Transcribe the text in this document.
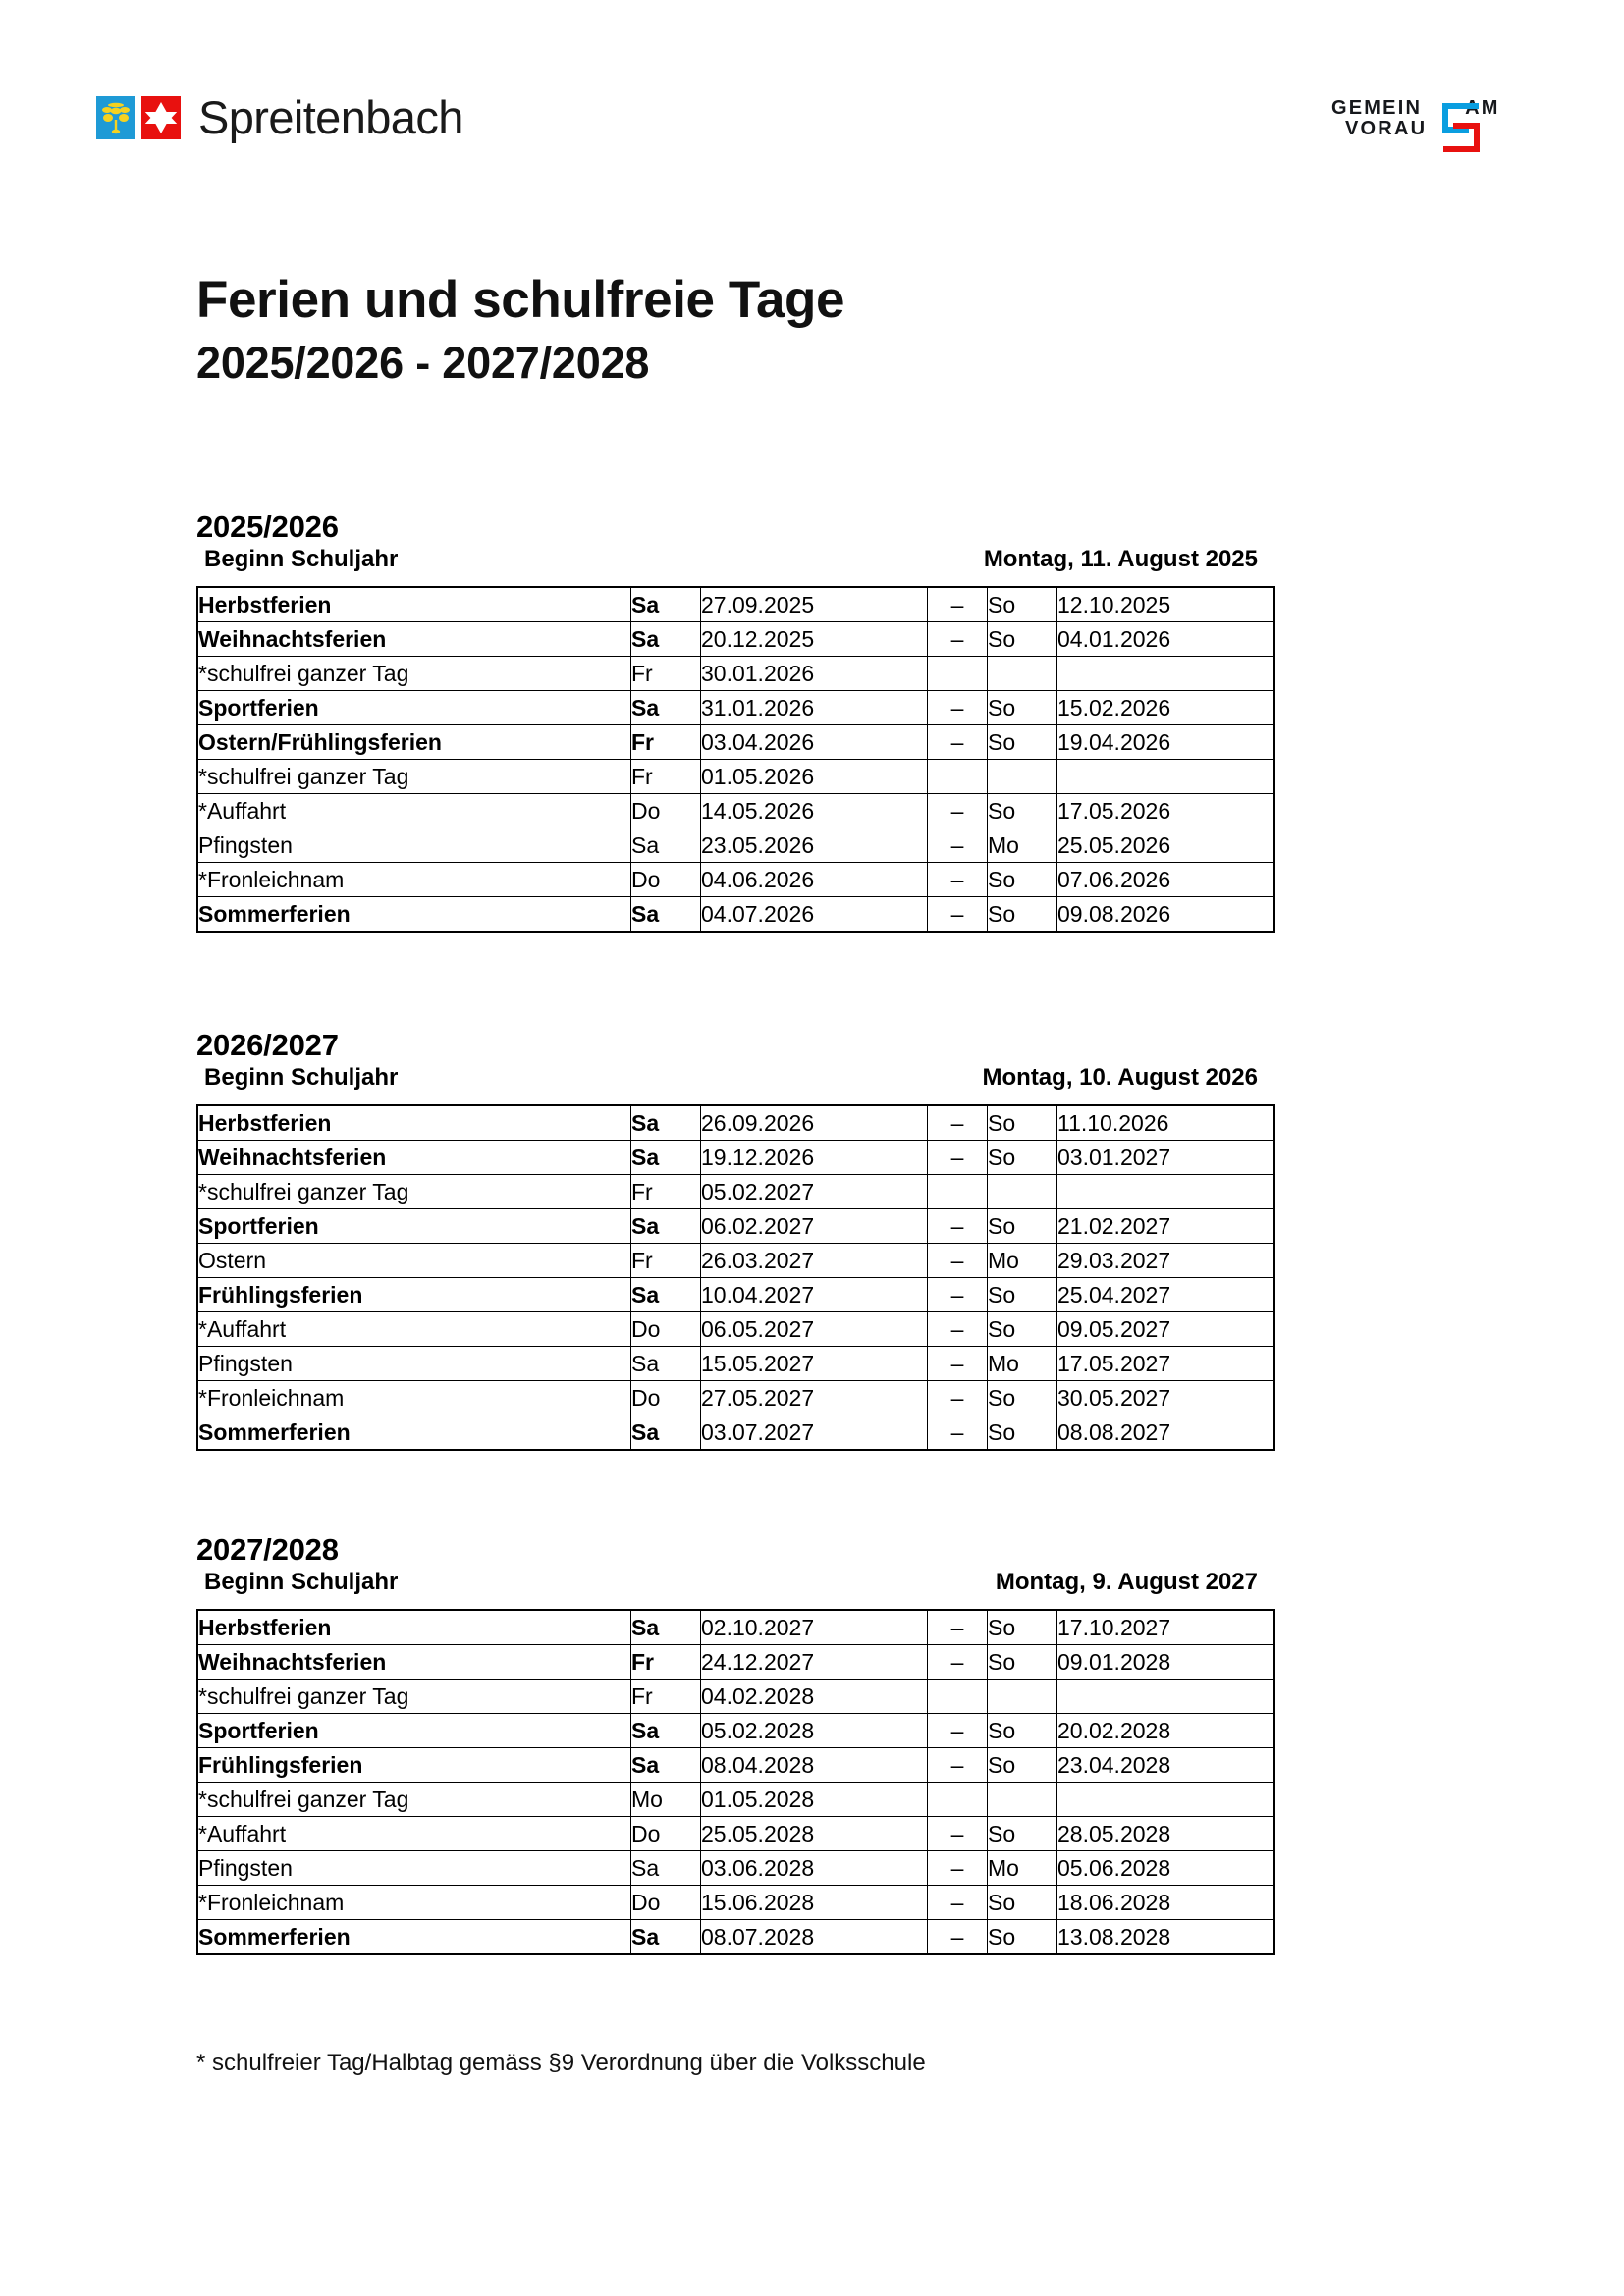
Spreitenbach	GEMEIN AM
VORAU
Ferien und schulfreie Tage
2025/2026 - 2027/2028
2025/2026
Beginn Schuljahr	Montag, 11. August 2025
Herbstferien	Sa	27.09.2025	–	So	12.10.2025
Weihnachtsferien	Sa	20.12.2025	–	So	04.01.2026
*schulfrei ganzer Tag	Fr	30.01.2026			
Sportferien	Sa	31.01.2026	–	So	15.02.2026
Ostern/Frühlingsferien	Fr	03.04.2026	–	So	19.04.2026
*schulfrei ganzer Tag	Fr	01.05.2026			
*Auffahrt	Do	14.05.2026	–	So	17.05.2026
Pfingsten	Sa	23.05.2026	–	Mo	25.05.2026
*Fronleichnam	Do	04.06.2026	–	So	07.06.2026
Sommerferien	Sa	04.07.2026	–	So	09.08.2026
2026/2027
Beginn Schuljahr	Montag, 10. August 2026
Herbstferien	Sa	26.09.2026	–	So	11.10.2026
Weihnachtsferien	Sa	19.12.2026	–	So	03.01.2027
*schulfrei ganzer Tag	Fr	05.02.2027			
Sportferien	Sa	06.02.2027	–	So	21.02.2027
Ostern	Fr	26.03.2027	–	Mo	29.03.2027
Frühlingsferien	Sa	10.04.2027	–	So	25.04.2027
*Auffahrt	Do	06.05.2027	–	So	09.05.2027
Pfingsten	Sa	15.05.2027	–	Mo	17.05.2027
*Fronleichnam	Do	27.05.2027	–	So	30.05.2027
Sommerferien	Sa	03.07.2027	–	So	08.08.2027
2027/2028
Beginn Schuljahr	Montag, 9. August 2027
Herbstferien	Sa	02.10.2027	–	So	17.10.2027
Weihnachtsferien	Fr	24.12.2027	–	So	09.01.2028
*schulfrei ganzer Tag	Fr	04.02.2028			
Sportferien	Sa	05.02.2028	–	So	20.02.2028
Frühlingsferien	Sa	08.04.2028	–	So	23.04.2028
*schulfrei ganzer Tag	Mo	01.05.2028			
*Auffahrt	Do	25.05.2028	–	So	28.05.2028
Pfingsten	Sa	03.06.2028	–	Mo	05.06.2028
*Fronleichnam	Do	15.06.2028	–	So	18.06.2028
Sommerferien	Sa	08.07.2028	–	So	13.08.2028
* schulfreier Tag/Halbtag gemäss §9 Verordnung über die Volksschule
